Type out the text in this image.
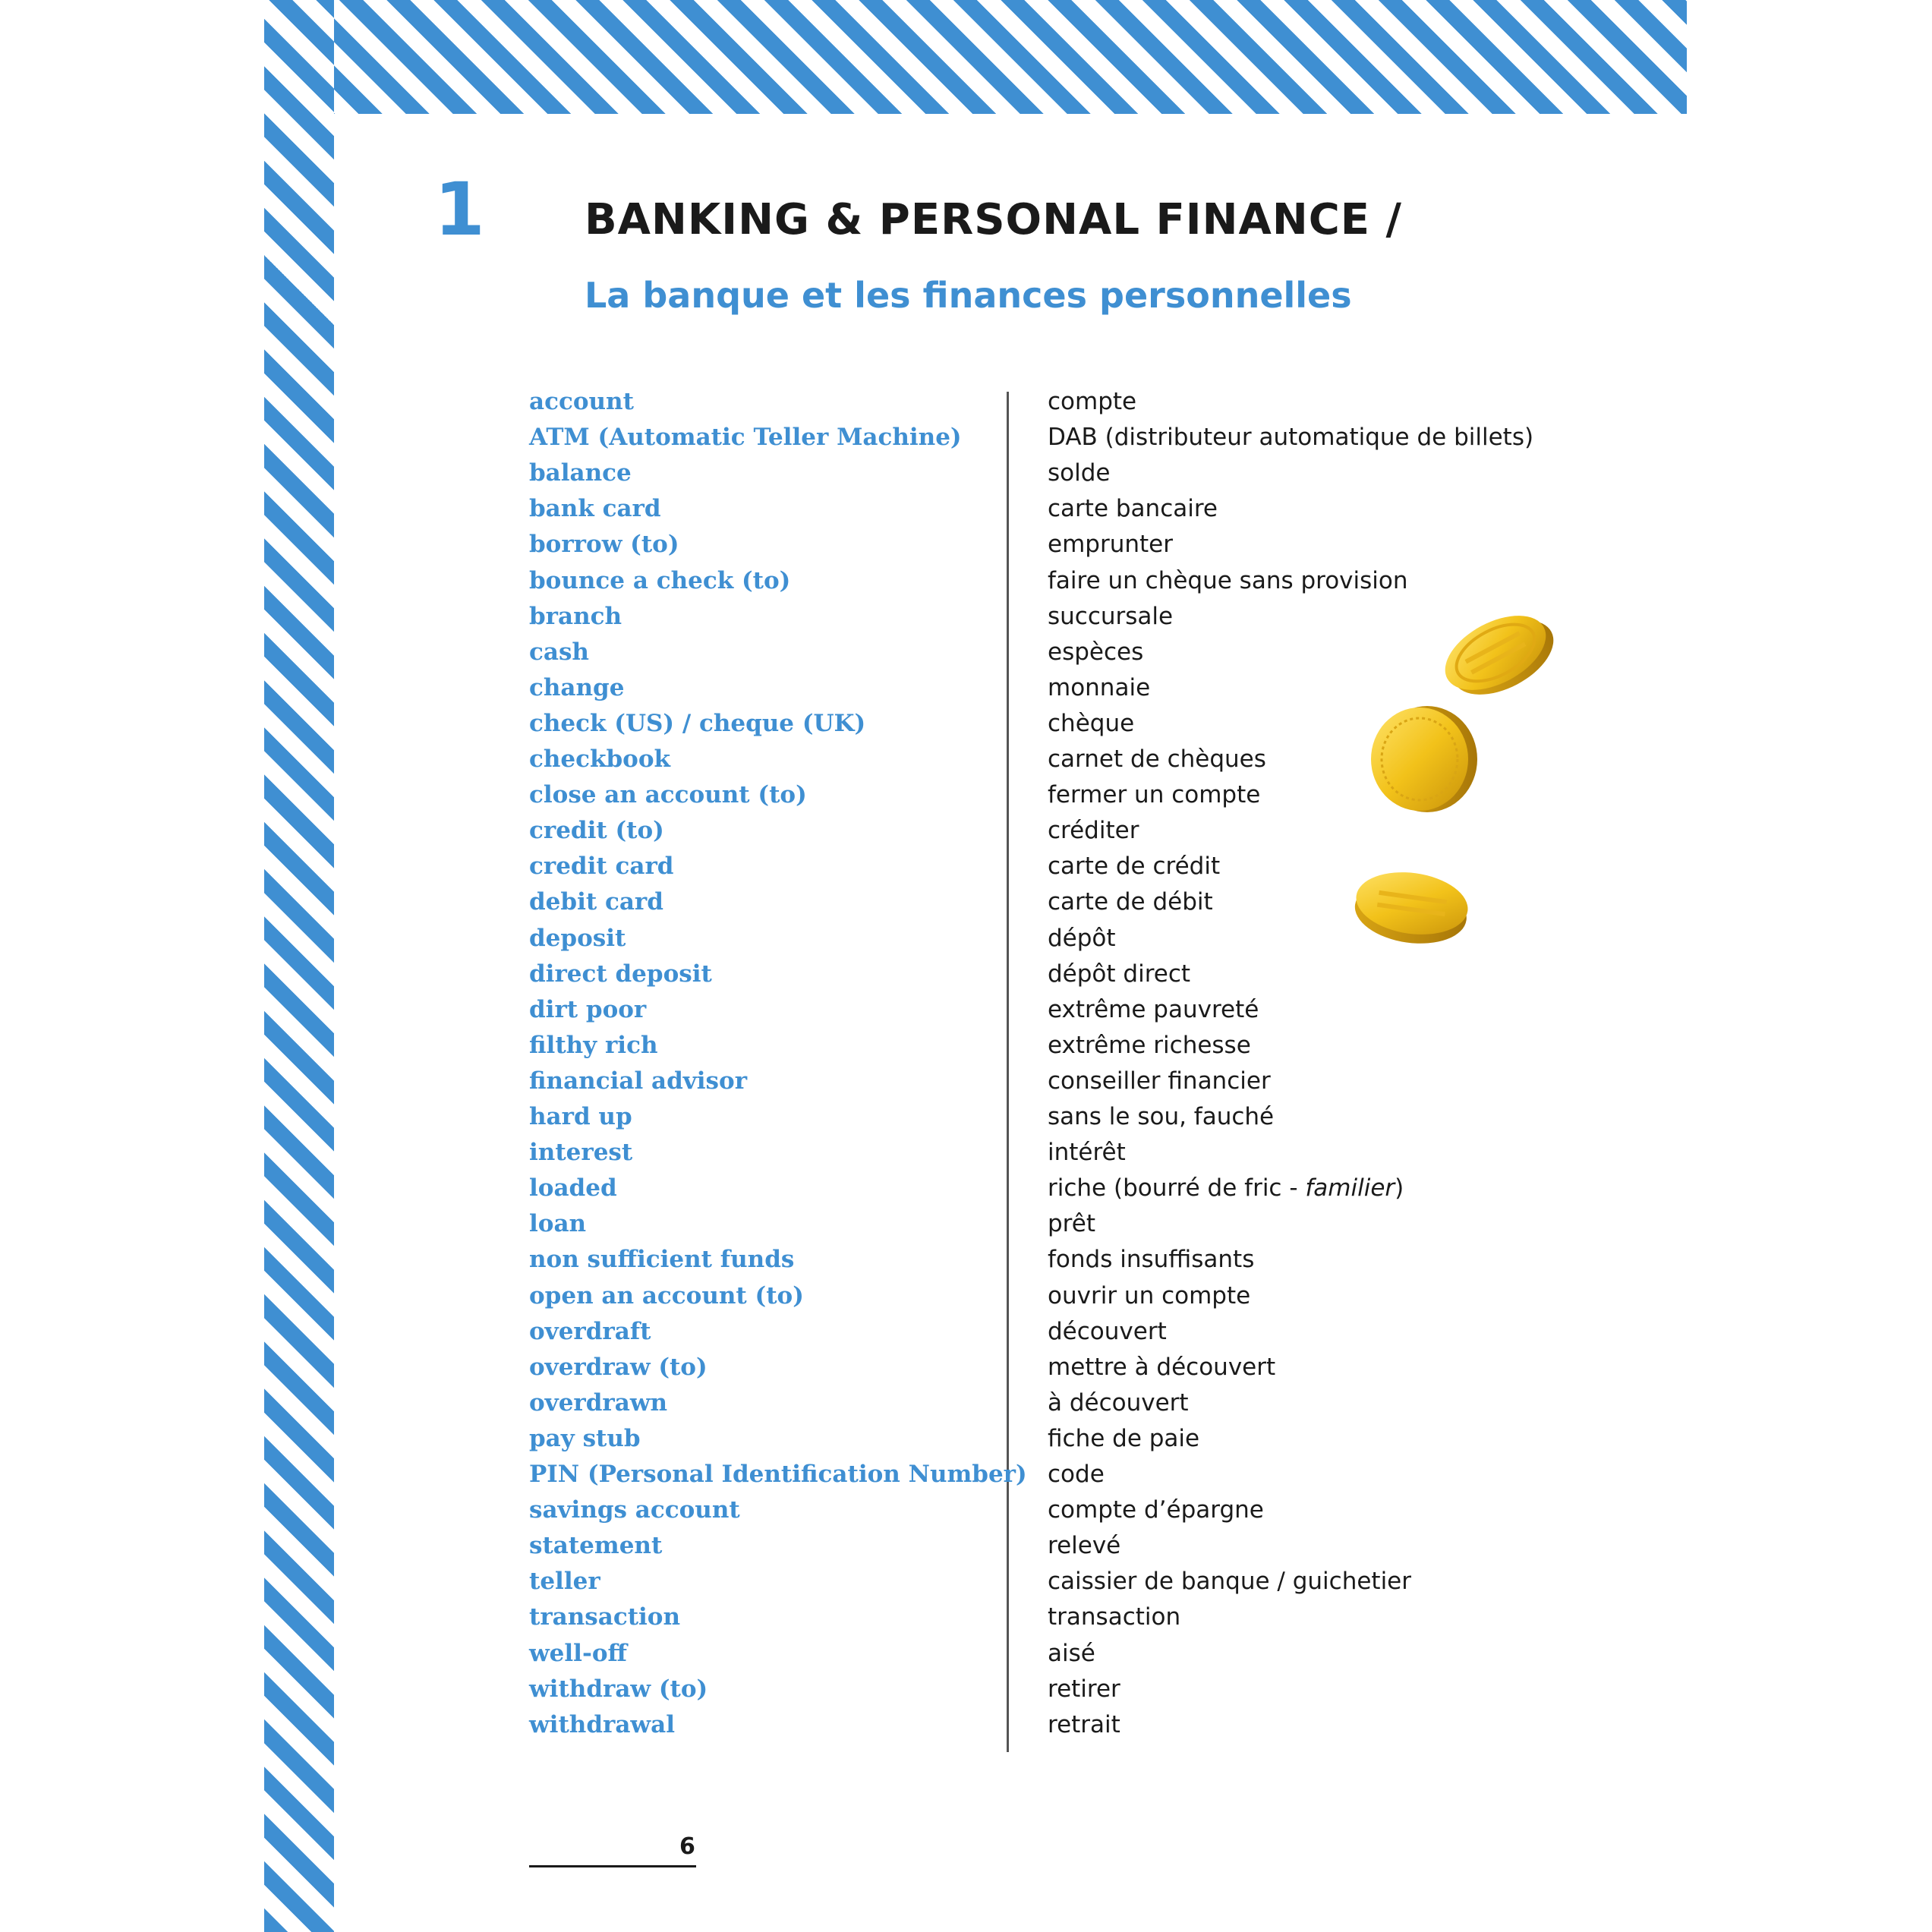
1 BANKING & PERSONAL FINANCE /
La banque et les finances personnelles
account	compte
ATM (Automatic Teller Machine)	DAB (distributeur automatique de billets)
balance	solde
bank card	carte bancaire
borrow (to)	emprunter
bounce a check (to)	faire un chèque sans provision
branch	succursale
cash	espèces
change	monnaie
check (US) / cheque (UK)	chèque
checkbook	carnet de chèques
close an account (to)	fermer un compte
credit (to)	créditer
credit card	carte de crédit
debit card	carte de débit
deposit	dépôt
direct deposit	dépôt direct
dirt poor	extrême pauvreté
filthy rich	extrême richesse
financial advisor	conseiller financier
hard up	sans le sou, fauché
interest	intérêt
loaded	riche (bourré de fric - familier)
loan	prêt
non sufficient funds	fonds insuffisants
open an account (to)	ouvrir un compte
overdraft	découvert
overdraw (to)	mettre à découvert
overdrawn	à découvert
pay stub	fiche de paie
PIN (Personal Identification Number) code
savings account	compte d’épargne
statement	relevé
teller	caissier de banque / guichetier
transaction	transaction
well-off	aisé
withdraw (to)	retirer
withdrawal	retrait
6
